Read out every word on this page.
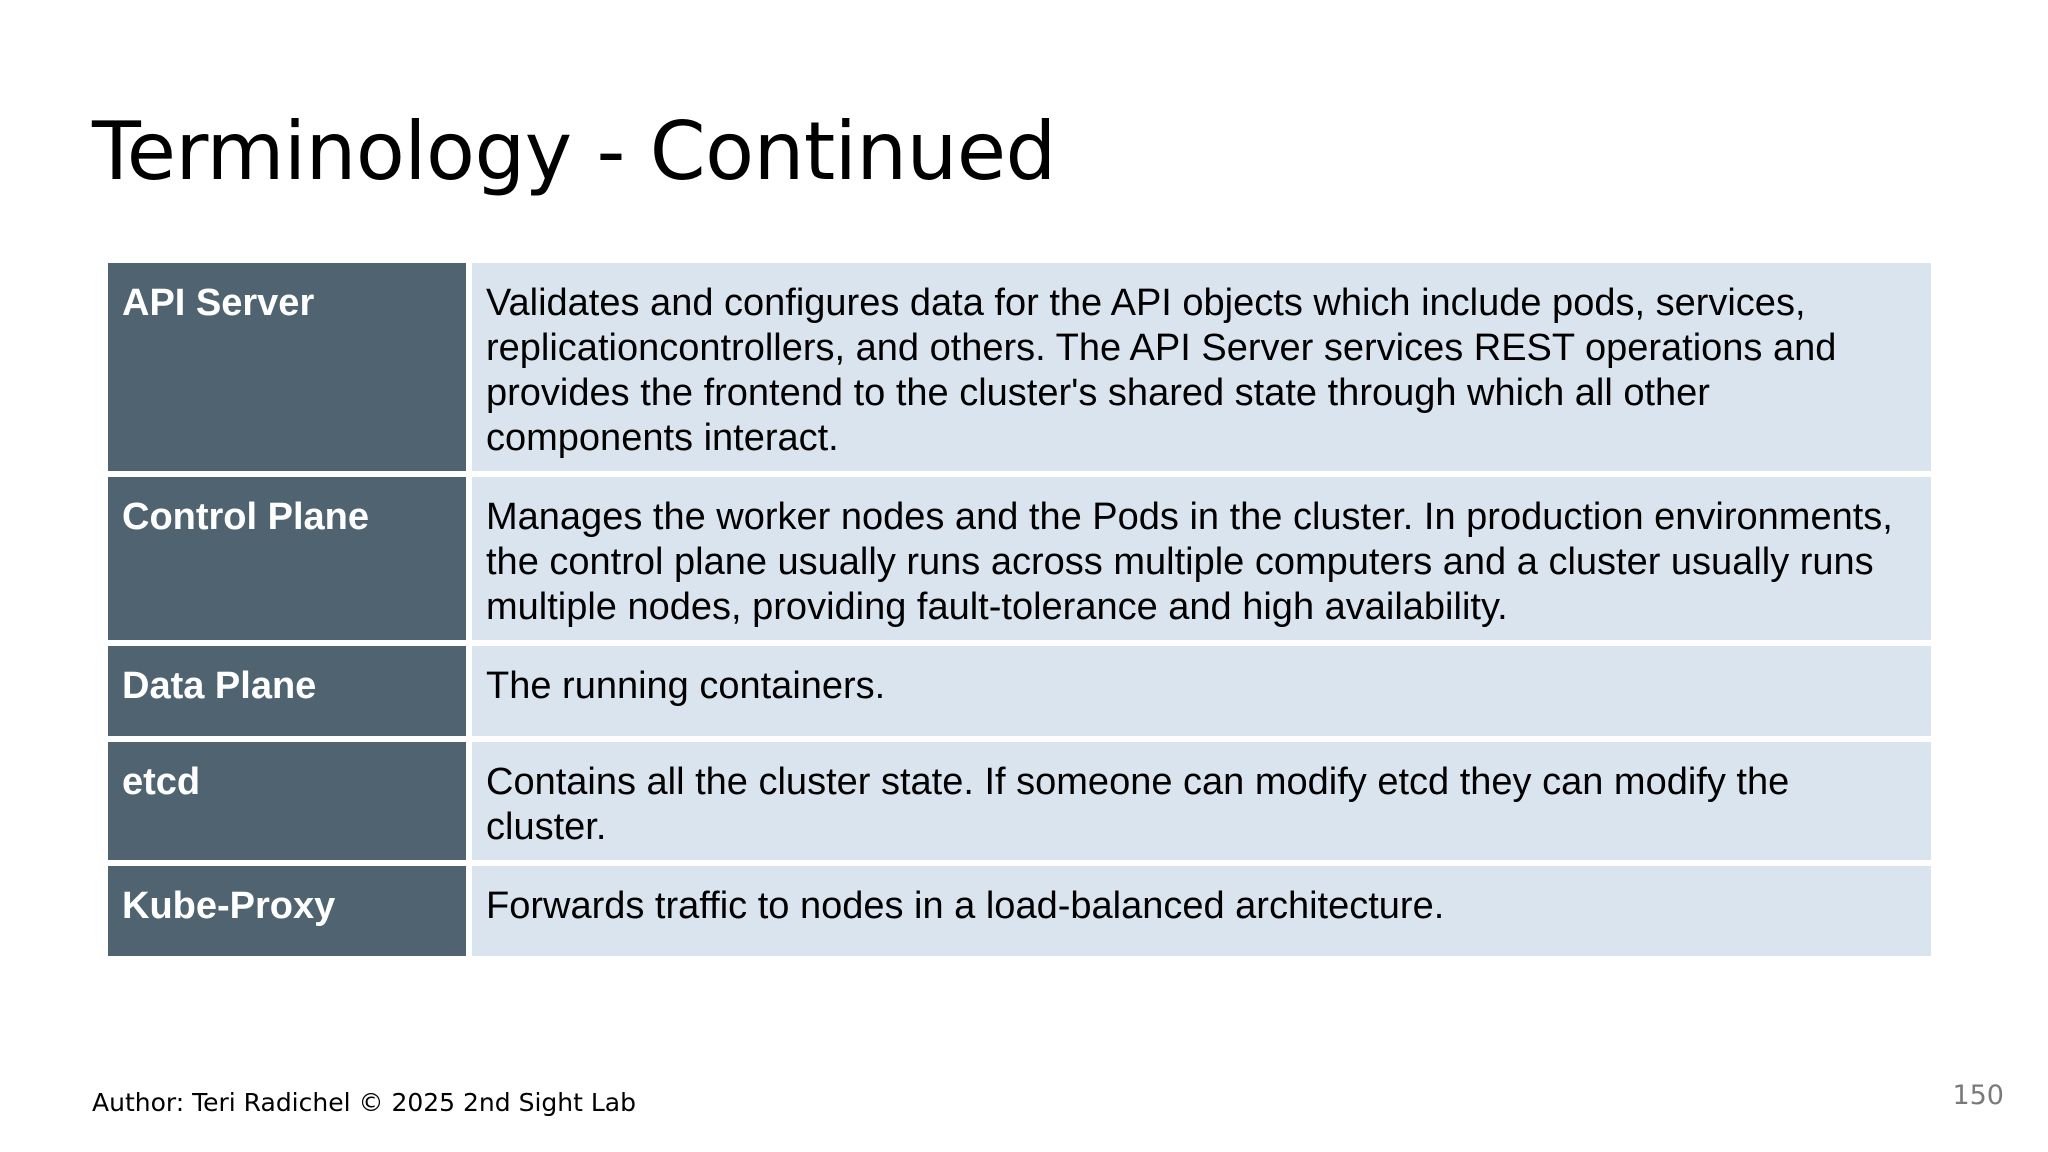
Terminology - Continued
API Server	Validates and configures data for the API objects which include pods, services, replicationcontrollers, and others. The API Server services REST operations and provides the frontend to the cluster's shared state through which all other components interact.
Control Plane	Manages the worker nodes and the Pods in the cluster. In production environments, the control plane usually runs across multiple computers and a cluster usually runs multiple nodes, providing fault-tolerance and high availability.
Data Plane	The running containers.
etcd	Contains all the cluster state. If someone can modify etcd they can modify the cluster.
Kube-Proxy	Forwards traffic to nodes in a load-balanced architecture.
Author: Teri Radichel © 2025 2nd Sight Lab	150
